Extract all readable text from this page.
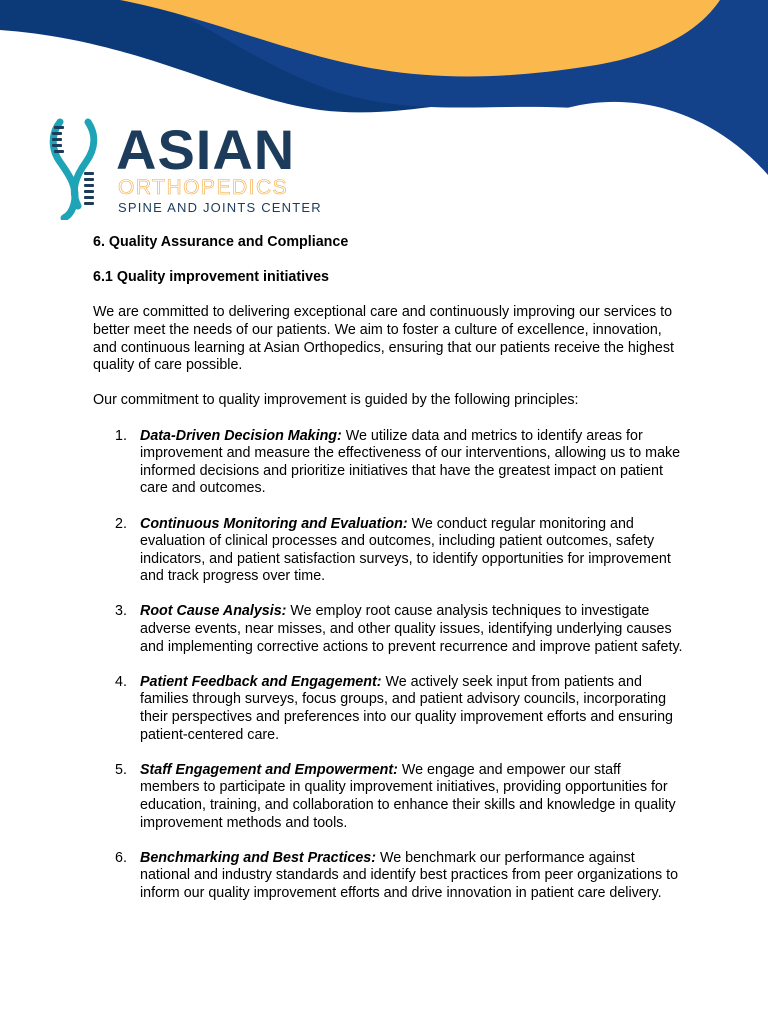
ASIAN
ORTHOPEDICS
SPINE AND JOINTS CENTER

6. Quality Assurance and Compliance

6.1 Quality improvement initiatives

We are committed to delivering exceptional care and continuously improving our services to better meet the needs of our patients. We aim to foster a culture of excellence, innovation, and continuous learning at Asian Orthopedics, ensuring that our patients receive the highest quality of care possible.

Our commitment to quality improvement is guided by the following principles:

1. Data-Driven Decision Making: We utilize data and metrics to identify areas for improvement and measure the effectiveness of our interventions, allowing us to make informed decisions and prioritize initiatives that have the greatest impact on patient care and outcomes.
2. Continuous Monitoring and Evaluation: We conduct regular monitoring and evaluation of clinical processes and outcomes, including patient outcomes, safety indicators, and patient satisfaction surveys, to identify opportunities for improvement and track progress over time.
3. Root Cause Analysis: We employ root cause analysis techniques to investigate adverse events, near misses, and other quality issues, identifying underlying causes and implementing corrective actions to prevent recurrence and improve patient safety.
4. Patient Feedback and Engagement: We actively seek input from patients and families through surveys, focus groups, and patient advisory councils, incorporating their perspectives and preferences into our quality improvement efforts and ensuring patient-centered care.
5. Staff Engagement and Empowerment: We engage and empower our staff members to participate in quality improvement initiatives, providing opportunities for education, training, and collaboration to enhance their skills and knowledge in quality improvement methods and tools.
6. Benchmarking and Best Practices: We benchmark our performance against national and industry standards and identify best practices from peer organizations to inform our quality improvement efforts and drive innovation in patient care delivery.
